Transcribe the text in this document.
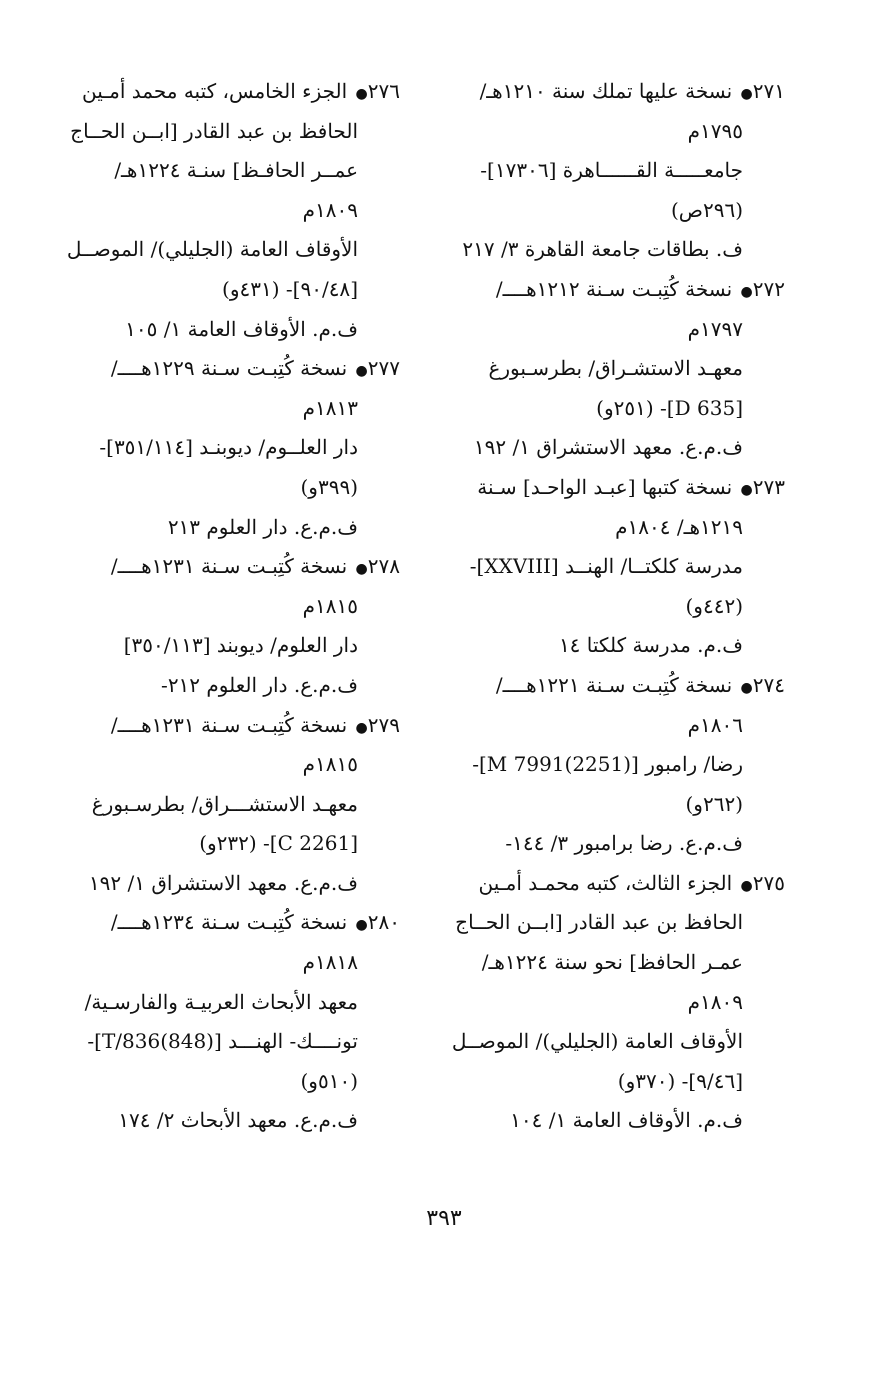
٢٧١● نسخة عليها تملك سنة ١٢١٠هـ/
١٧٩٥م
جامعـــــة القــــــاهرة [١٧٣٠٦]-
(٢٩٦ص)
ف. بطاقات جامعة القاهرة ٣/ ٢١٧
٢٧٢● نسخة كُتِبـت سـنة ١٢١٢هــــ/
١٧٩٧م
معهـد الاستشـراق/ بطرسـبورغ
[D 635]- (٢٥١و)
ف.م.ع. معهد الاستشراق ١/ ١٩٢
٢٧٣● نسخة كتبها [عبـد الواحـد] سـنة
١٢١٩هـ/ ١٨٠٤م
مدرسة كلكتــا/ الهنــد [XXVIII]-
(٤٤٢و)
ف.م. مدرسة كلكتا ١٤
٢٧٤● نسخة كُتِبـت سـنة ١٢٢١هــــ/
١٨٠٦م
رضا/ رامبور [M 7991(2251)]-
(٢٦٢و)
ف.م.ع. رضا برامبور ٣/ ١٤٤-
٢٧٥● الجزء الثالث، كتبه محمـد أمـين
الحافظ بن عبد القادر [ابــن الحــاج
عمـر الحافظ] نحو سنة ١٢٢٤هـ/
١٨٠٩م
الأوقاف العامة (الجليلي)/ الموصــل
[٩/٤٦]- (٣٧٠و)
ف.م. الأوقاف العامة ١/ ١٠٤
٢٧٦● الجزء الخامس، كتبه محمد أمـين
الحافظ بن عبد القادر [ابــن الحــاج
عمــر الحافـظ] سنـة ١٢٢٤هـ/
١٨٠٩م
الأوقاف العامة (الجليلي)/ الموصــل
[٩٠/٤٨]- (٤٣١و)
ف.م. الأوقاف العامة ١/ ١٠٥
٢٧٧● نسخة كُتِبـت سـنة ١٢٢٩هــــ/
١٨١٣م
دار العلــوم/ ديوبنـد [٣٥١/١١٤]-
(٣٩٩و)
ف.م.ع. دار العلوم ٢١٣
٢٧٨● نسخة كُتِبـت سـنة ١٢٣١هــــ/
١٨١٥م
دار العلوم/ ديوبند [٣٥٠/١١٣]
ف.م.ع. دار العلوم ٢١٢-
٢٧٩● نسخة كُتِبـت سـنة ١٢٣١هــــ/
١٨١٥م
معهـد الاستشـــراق/ بطرسـبورغ
[C 2261]- (٢٣٢و)
ف.م.ع. معهد الاستشراق ١/ ١٩٢
٢٨٠● نسخة كُتِبـت سـنة ١٢٣٤هــــ/
١٨١٨م
معهد الأبحاث العربيـة والفارسـية/
تونــــك- الهنـــد [T/836(848)]-
(٥١٠و)
ف.م.ع. معهد الأبحاث ٢/ ١٧٤
٣٩٣
